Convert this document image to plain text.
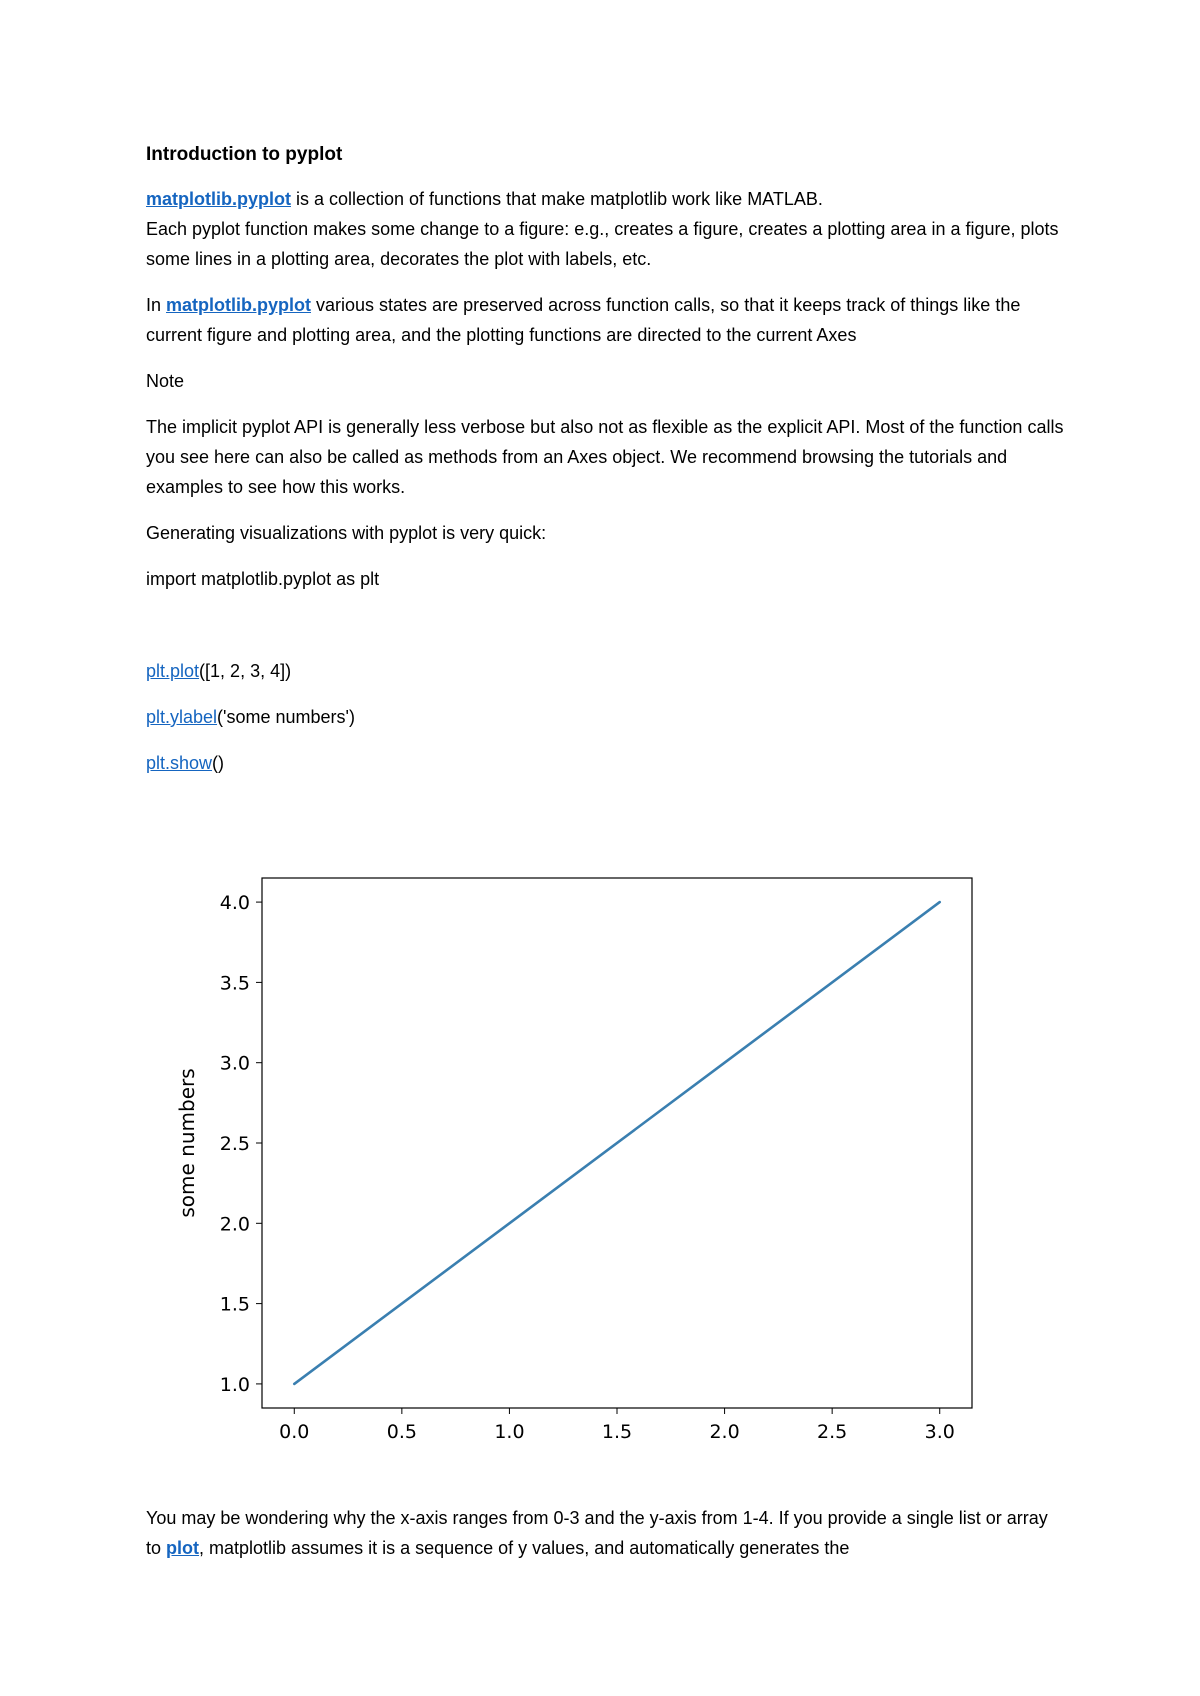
Introduction to pyplot

matplotlib.pyplot is a collection of functions that make matplotlib work like MATLAB.
Each pyplot function makes some change to a figure: e.g., creates a figure, creates a plotting area in a figure, plots some lines in a plotting area, decorates the plot with labels, etc.

In matplotlib.pyplot various states are preserved across function calls, so that it keeps track of things like the current figure and plotting area, and the plotting functions are directed to the current Axes

Note

The implicit pyplot API is generally less verbose but also not as flexible as the explicit API. Most of the function calls you see here can also be called as methods from an Axes object. We recommend browsing the tutorials and examples to see how this works.

Generating visualizations with pyplot is very quick:

import matplotlib.pyplot as plt
plt.plot([1, 2, 3, 4])
plt.ylabel('some numbers')
plt.show()
1.0
1.5
2.0
2.5
3.0
3.5
4.0
0.0	0.5	1.0	1.5	2.0	2.5	3.0
some numbers
You may be wondering why the x-axis ranges from 0-3 and the y-axis from 1-4. If you provide a single list or array to plot, matplotlib assumes it is a sequence of y values, and automatically generates the
